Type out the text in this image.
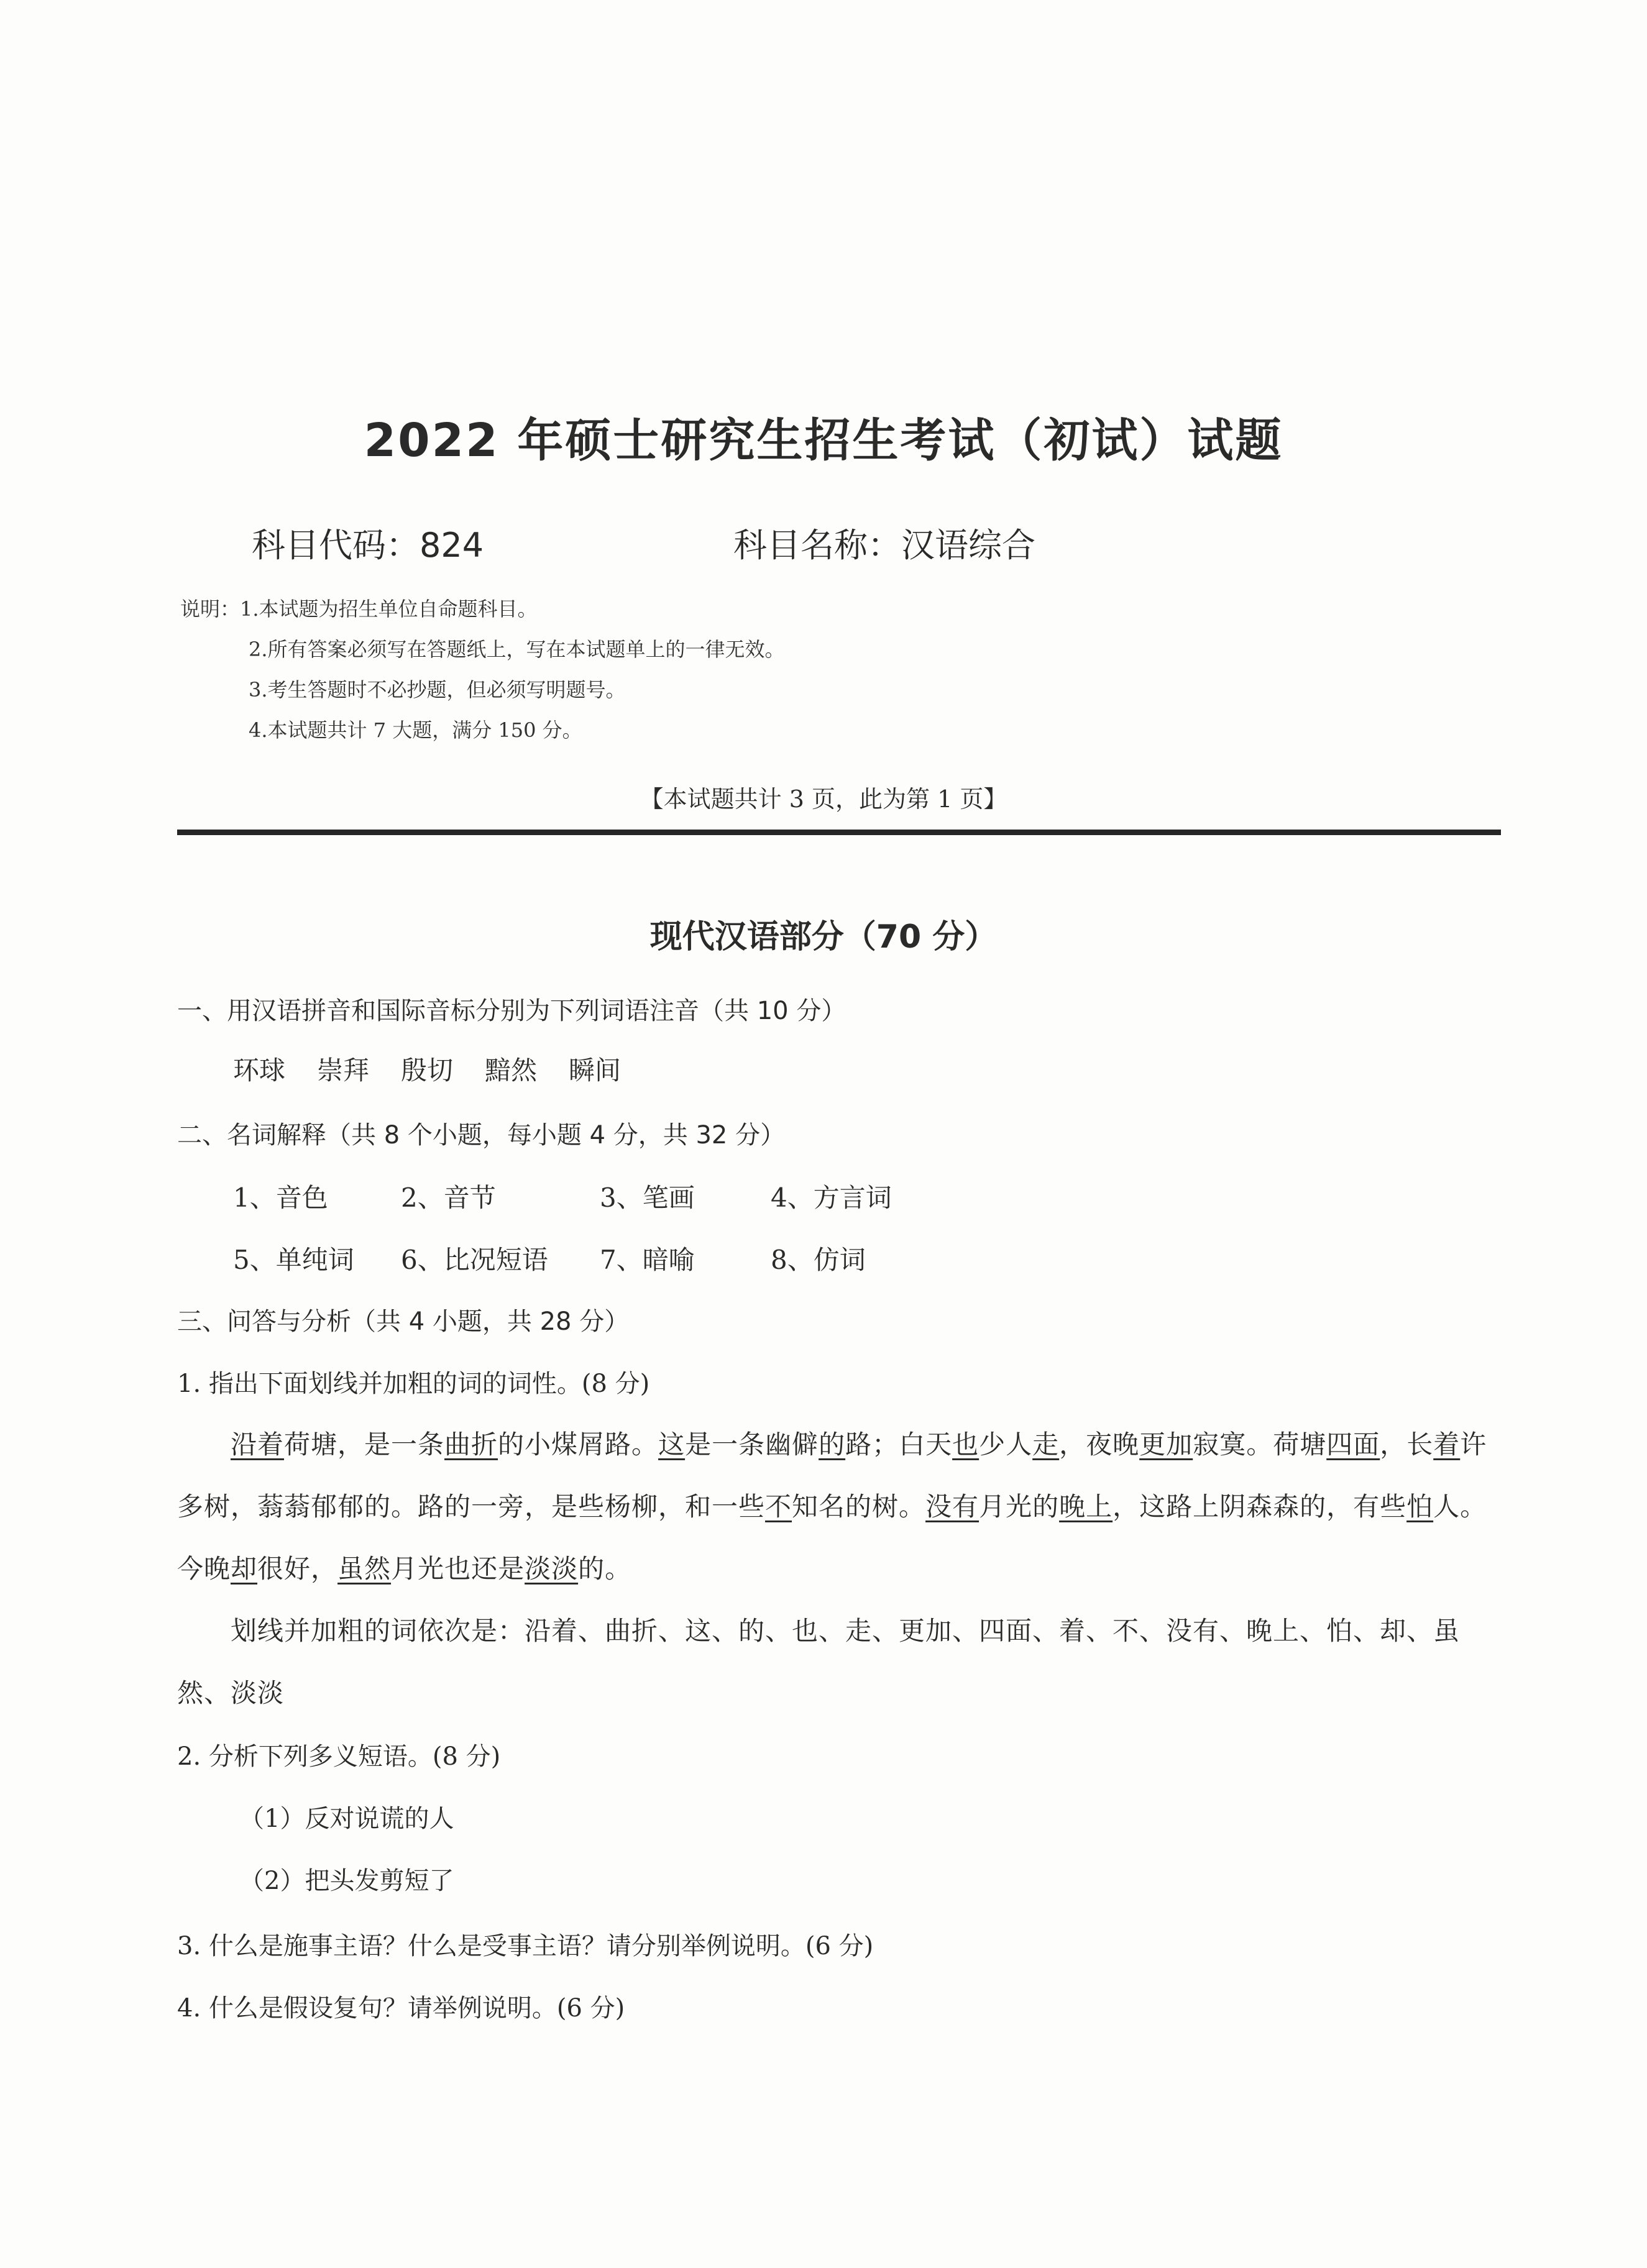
2022 年硕士研究生招生考试（初试）试题
科目代码：824	科目名称：汉语综合
说明：1.本试题为招生单位自命题科目。
2.所有答案必须写在答题纸上，写在本试题单上的一律无效。
3.考生答题时不必抄题，但必须写明题号。
4.本试题共计 7 大题，满分 150 分。
【本试题共计 3 页，此为第 1 页】
现代汉语部分（70 分）
一、用汉语拼音和国际音标分别为下列词语注音（共 10 分）
环球	崇拜	殷切	黯然	瞬间
二、名词解释（共 8 个小题，每小题 4 分，共 32 分）
1、音色	2、音节	3、笔画	4、方言词
5、单纯词	6、比况短语	7、暗喻	8、仿词
三、问答与分析（共 4 小题，共 28 分）
1. 指出下面划线并加粗的词的词性。(8 分)
沿着荷塘，是一条曲折的小煤屑路。这是一条幽僻的路；白天也少人走，夜晚更加寂寞。荷塘四面，长着许多树，蓊蓊郁郁的。路的一旁，是些杨柳，和一些不知名的树。没有月光的晚上，这路上阴森森的，有些怕人。今晚却很好，虽然月光也还是淡淡的。
划线并加粗的词依次是：沿着、曲折、这、的、也、走、更加、四面、着、不、没有、晚上、怕、却、虽然、淡淡
2. 分析下列多义短语。(8 分)
（1）反对说谎的人
（2）把头发剪短了
3. 什么是施事主语？什么是受事主语？请分别举例说明。(6 分)
4. 什么是假设复句？请举例说明。(6 分)
